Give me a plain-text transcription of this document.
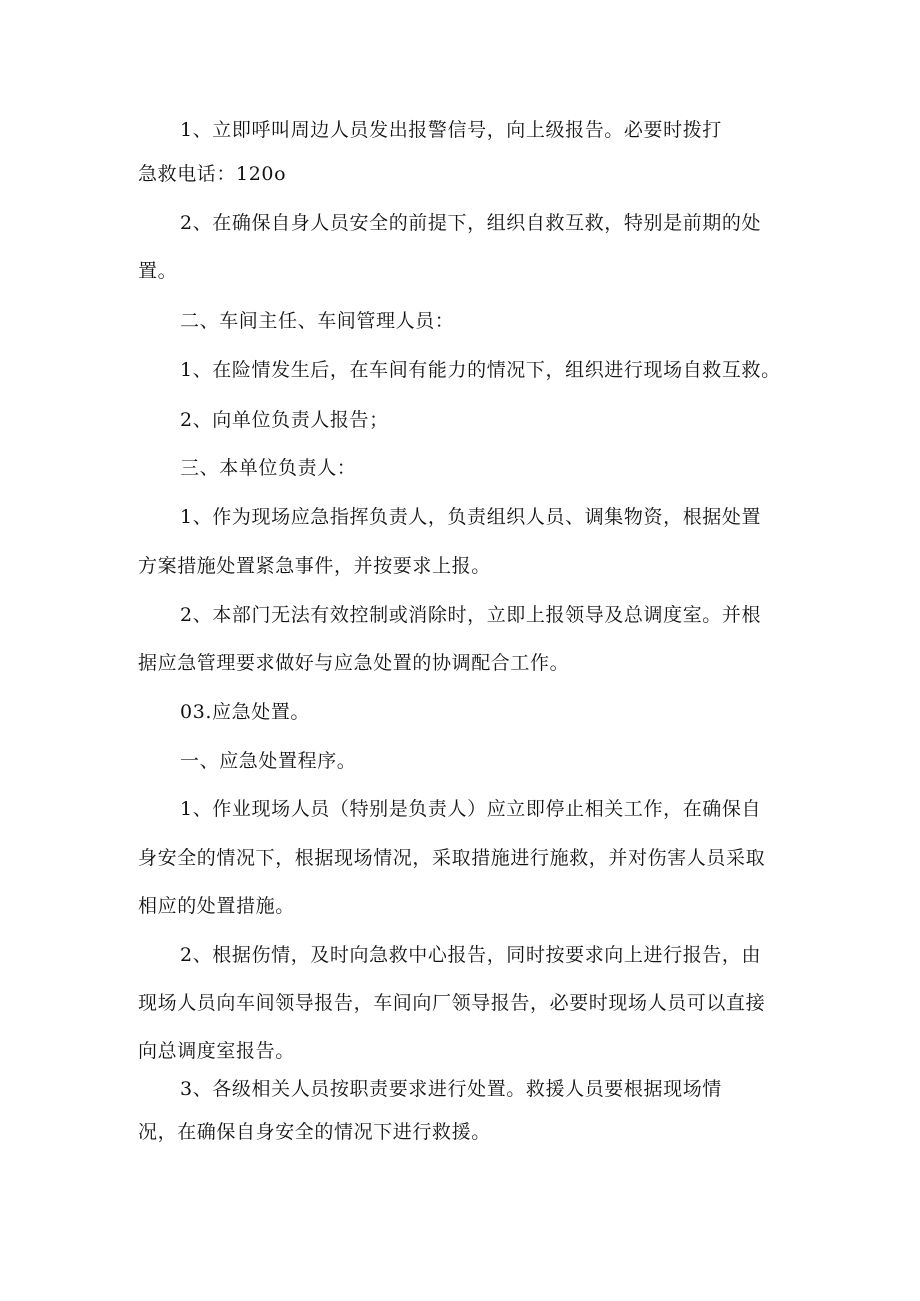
1、立即呼叫周边人员发出报警信号，向上级报告。必要时拨打
急救电话：120o
2、在确保自身人员安全的前提下，组织自救互救，特别是前期的处
置。
二、车间主任、车间管理人员：
1、在险情发生后，在车间有能力的情况下，组织进行现场自救互救。
2、向单位负责人报告；
三、本单位负责人：
1、作为现场应急指挥负责人，负责组织人员、调集物资，根据处置
方案措施处置紧急事件，并按要求上报。
2、本部门无法有效控制或消除时，立即上报领导及总调度室。并根
据应急管理要求做好与应急处置的协调配合工作。
03.应急处置。
一、应急处置程序。
1、作业现场人员（特别是负责人）应立即停止相关工作，在确保自
身安全的情况下，根据现场情况，采取措施进行施救，并对伤害人员采取
相应的处置措施。
2、根据伤情，及时向急救中心报告，同时按要求向上进行报告，由
现场人员向车间领导报告，车间向厂领导报告，必要时现场人员可以直接
向总调度室报告。
3、各级相关人员按职责要求进行处置。救援人员要根据现场情
况，在确保自身安全的情况下进行救援。
